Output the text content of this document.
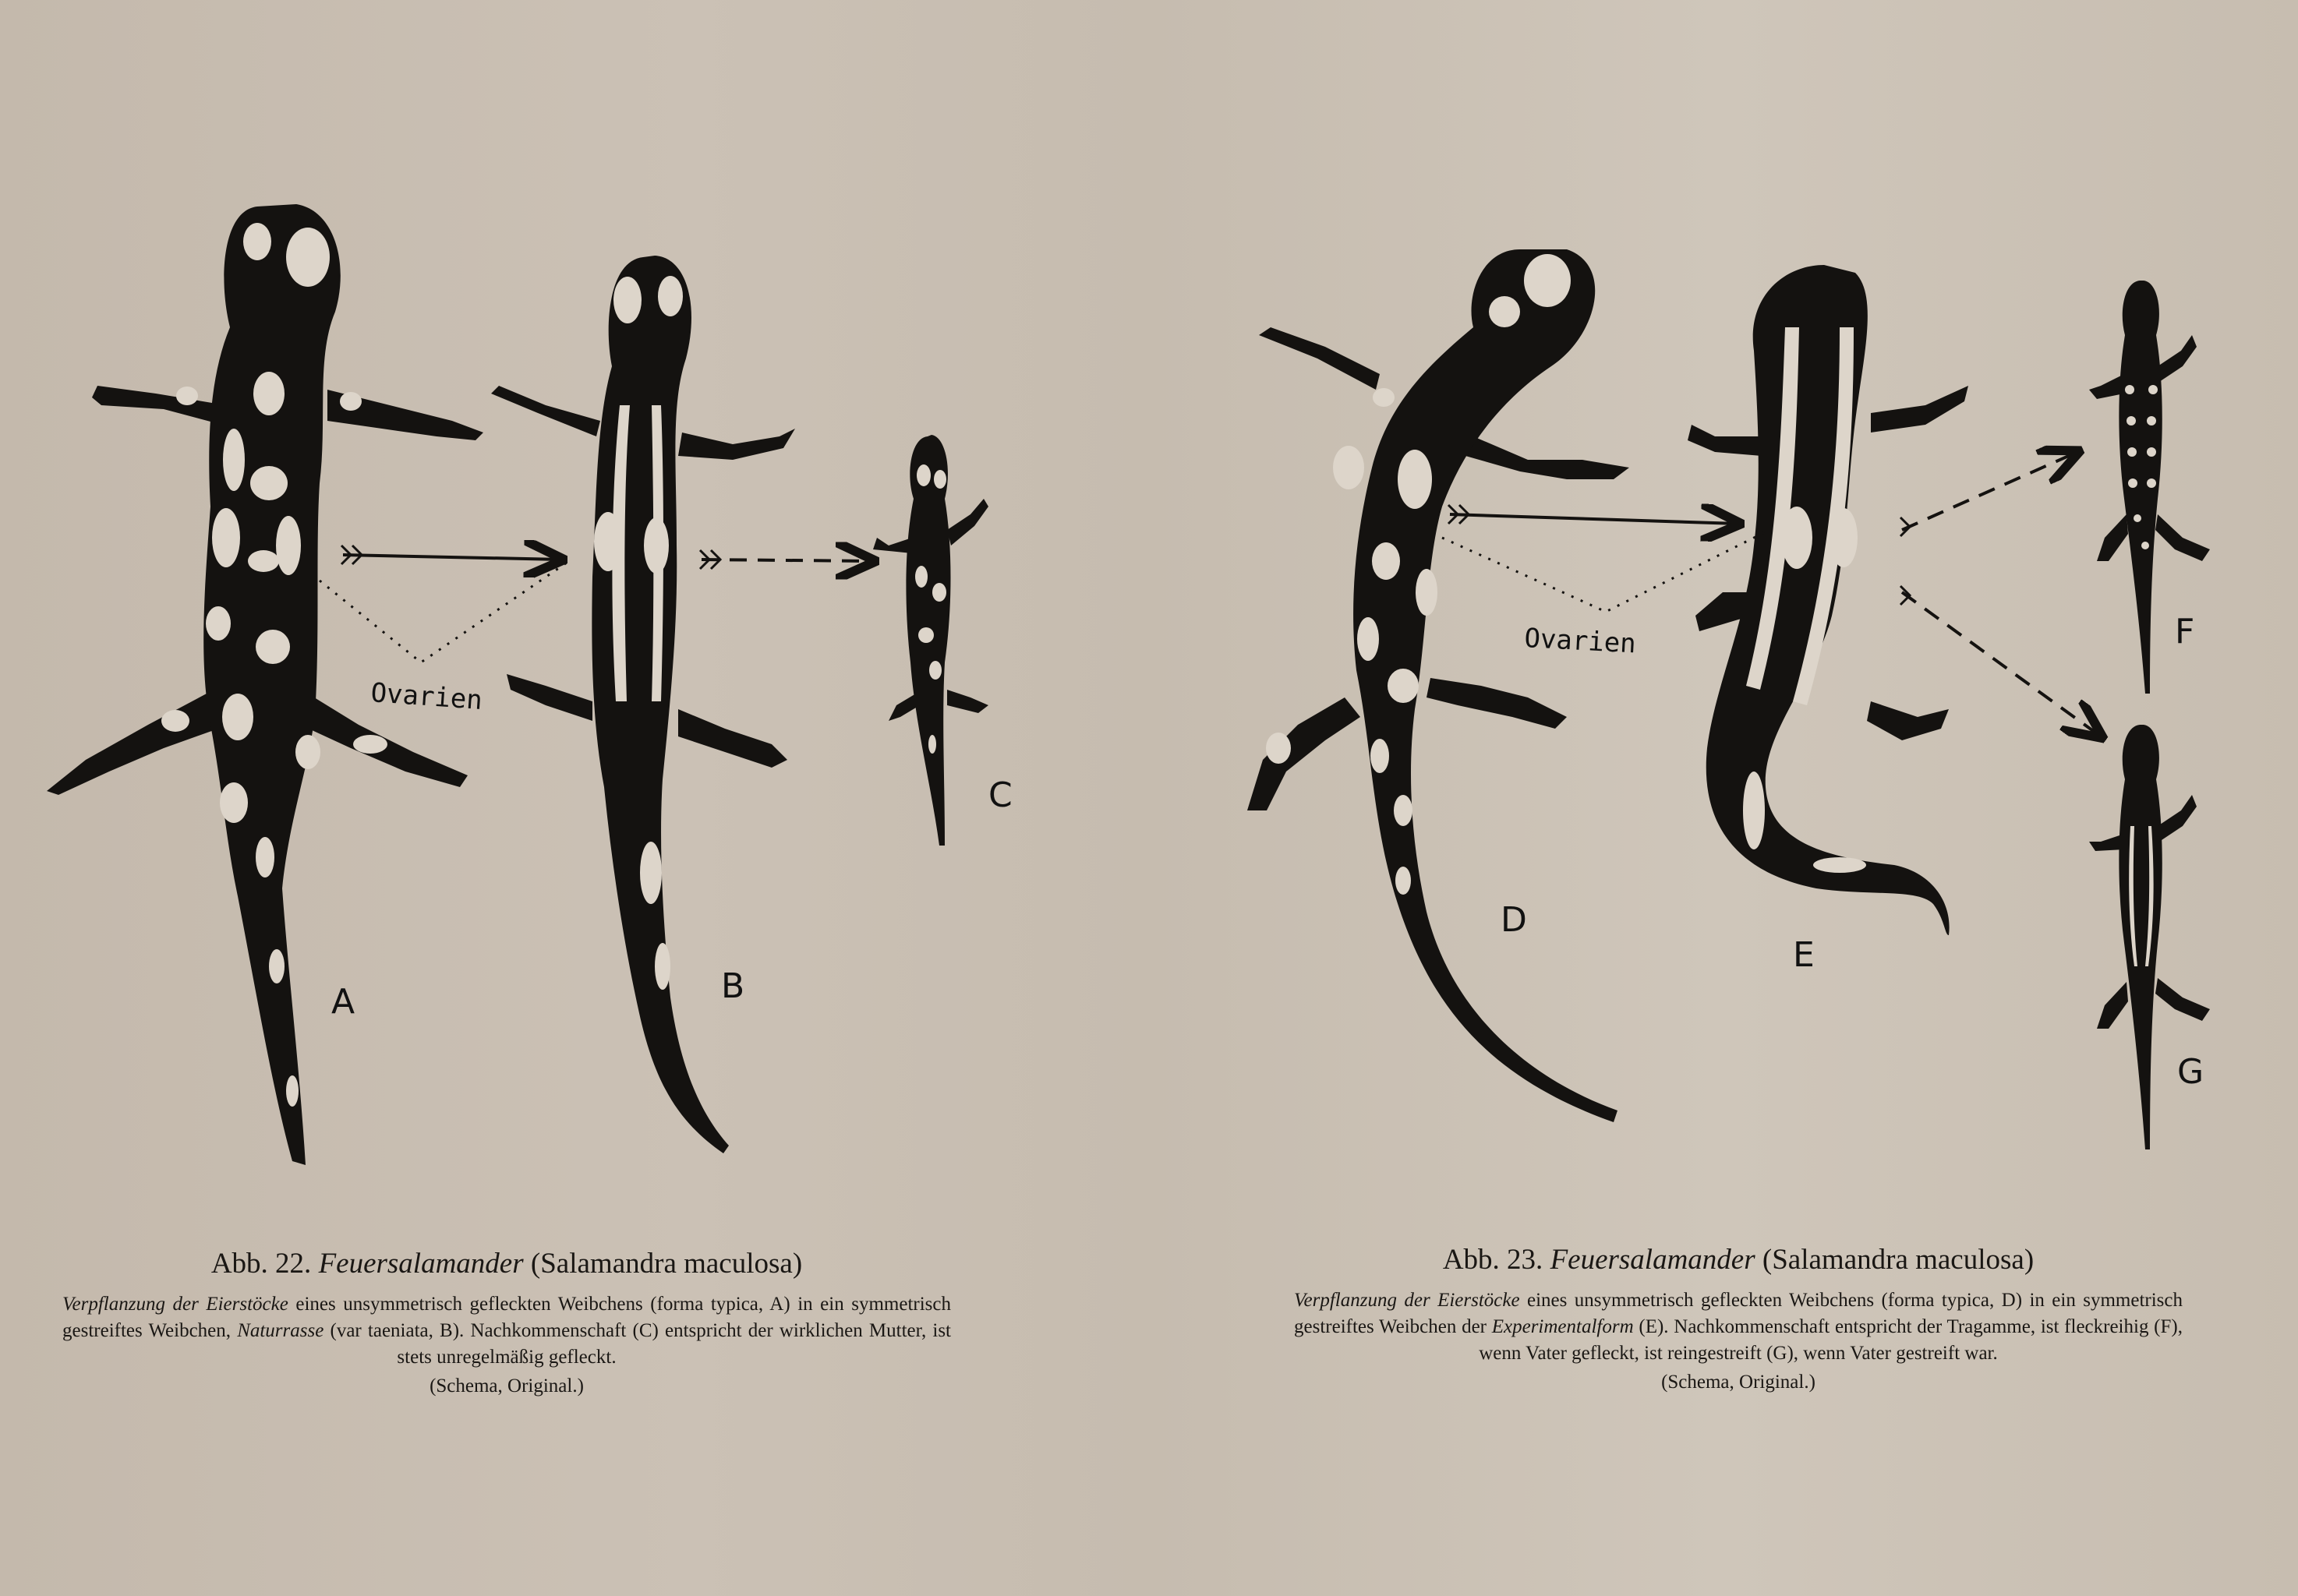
A	B
C
Ovarien
D
E
F
G
Ovarien
Abb. 22. Feuersalamander (Salamandra maculosa)
Verpflanzung der Eierstöcke eines unsymmetrisch gefleckten Weibchens (forma typica, A) in ein symmetrisch gestreiftes Weibchen, Naturrasse (var taeniata, B). Nachkommenschaft (C) entspricht der wirklichen Mutter, ist stets unregelmäßig gefleckt.
(Schema, Original.)
Abb. 23. Feuersalamander (Salamandra maculosa)
Verpflanzung der Eierstöcke eines unsymmetrisch gefleckten Weibchens (forma typica, D) in ein symmetrisch gestreiftes Weibchen der Experimentalform (E). Nachkommenschaft entspricht der Tragamme, ist fleckreihig (F), wenn Vater gefleckt, ist reingestreift (G), wenn Vater gestreift war.
(Schema, Original.)
